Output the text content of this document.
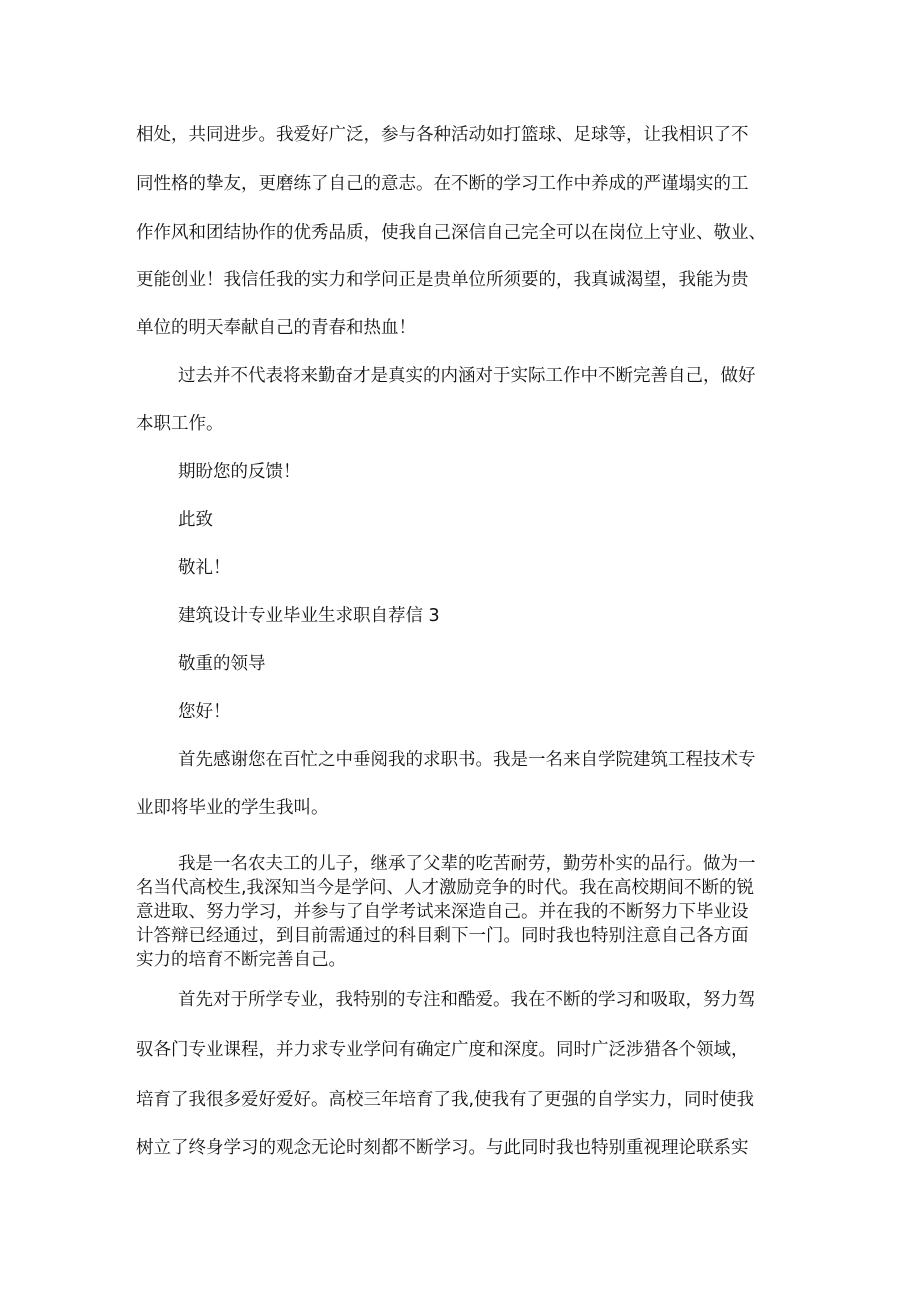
相处，共同进步。我爱好广泛，参与各种活动如打篮球、足球等，让我相识了不

同性格的挚友，更磨练了自己的意志。在不断的学习工作中养成的严谨塌实的工

作作风和团结协作的优秀品质，使我自己深信自己完全可以在岗位上守业、敬业、

更能创业！我信任我的实力和学问正是贵单位所须要的，我真诚渴望，我能为贵

单位的明天奉献自己的青春和热血！

过去并不代表将来勤奋才是真实的内涵对于实际工作中不断完善自己，做好

本职工作。

期盼您的反馈！

此致

敬礼！

建筑设计专业毕业生求职自荐信 3

敬重的领导

您好！

首先感谢您在百忙之中垂阅我的求职书。我是一名来自学院建筑工程技术专

业即将毕业的学生我叫。

我是一名农夫工的儿子，继承了父辈的吃苦耐劳，勤劳朴实的品行。做为一
名当代高校生,我深知当今是学问、人才激励竞争的时代。我在高校期间不断的锐
意进取、努力学习，并参与了自学考试来深造自己。并在我的不断努力下毕业设
计答辩已经通过，到目前需通过的科目剩下一门。同时我也特别注意自己各方面
实力的培育不断完善自己。

首先对于所学专业，我特别的专注和酷爱。我在不断的学习和吸取，努力驾

驭各门专业课程，并力求专业学问有确定广度和深度。同时广泛涉猎各个领域，

培育了我很多爱好爱好。高校三年培育了我,使我有了更强的自学实力，同时使我

树立了终身学习的观念无论时刻都不断学习。与此同时我也特别重视理论联系实
